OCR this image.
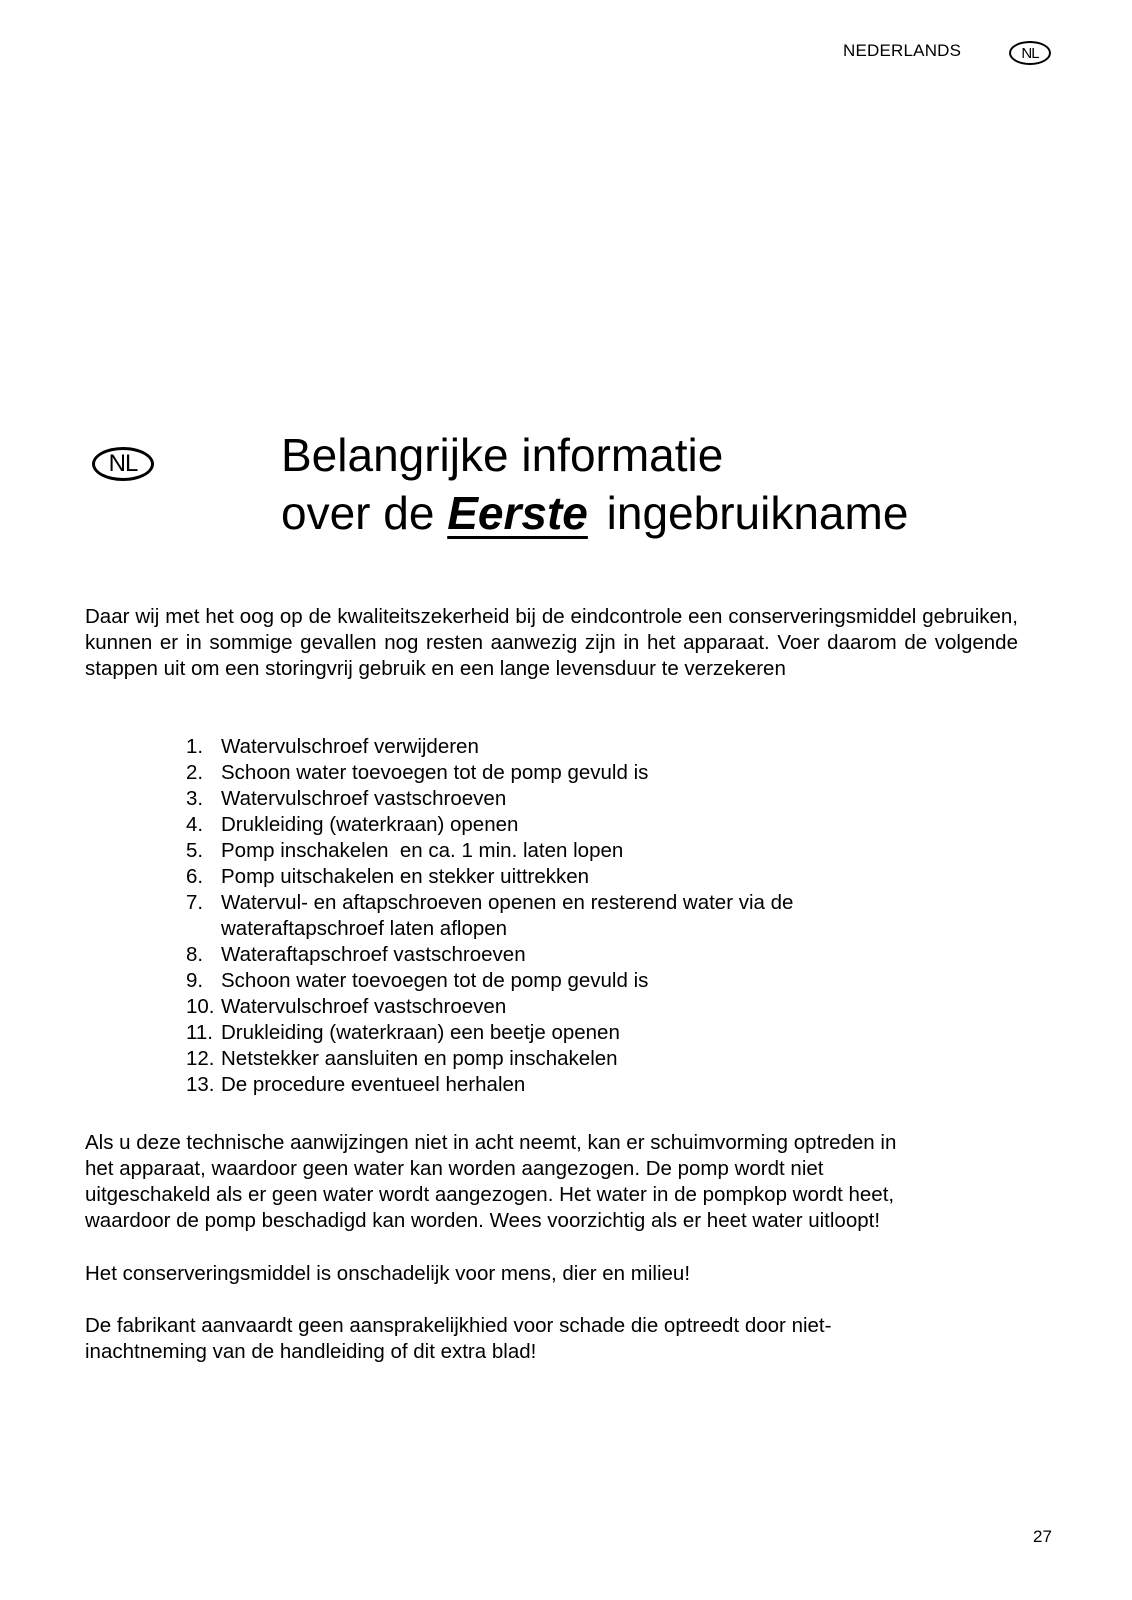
NEDERLANDS	NL
NL	Belangrijke informatie
over de Eerste ingebruikname

Daar wij met het oog op de kwaliteitszekerheid bij de eindcontrole een conserveringsmiddel gebruiken, kunnen er in sommige gevallen nog resten aanwezig zijn in het apparaat. Voer daarom de volgende stappen uit om een storingvrij gebruik en een lange levensduur te verzekeren

1. Watervulschroef verwijderen
2. Schoon water toevoegen tot de pomp gevuld is
3. Watervulschroef vastschroeven
4. Drukleiding (waterkraan) openen
5. Pomp inschakelen  en ca. 1 min. laten lopen
6. Pomp uitschakelen en stekker uittrekken
7. Watervul- en aftapschroeven openen en resterend water via de wateraftapschroef laten aflopen
8. Wateraftapschroef vastschroeven
9. Schoon water toevoegen tot de pomp gevuld is
10. Watervulschroef vastschroeven
11. Drukleiding (waterkraan) een beetje openen
12. Netstekker aansluiten en pomp inschakelen
13. De procedure eventueel herhalen

Als u deze technische aanwijzingen niet in acht neemt, kan er schuimvorming optreden in
het apparaat, waardoor geen water kan worden aangezogen. De pomp wordt niet
uitgeschakeld als er geen water wordt aangezogen. Het water in de pompkop wordt heet,
waardoor de pomp beschadigd kan worden. Wees voorzichtig als er heet water uitloopt!

Het conserveringsmiddel is onschadelijk voor mens, dier en milieu!

De fabrikant aanvaardt geen aansprakelijkhied voor schade die optreedt door niet-
inachtneming van de handleiding of dit extra blad!

27
